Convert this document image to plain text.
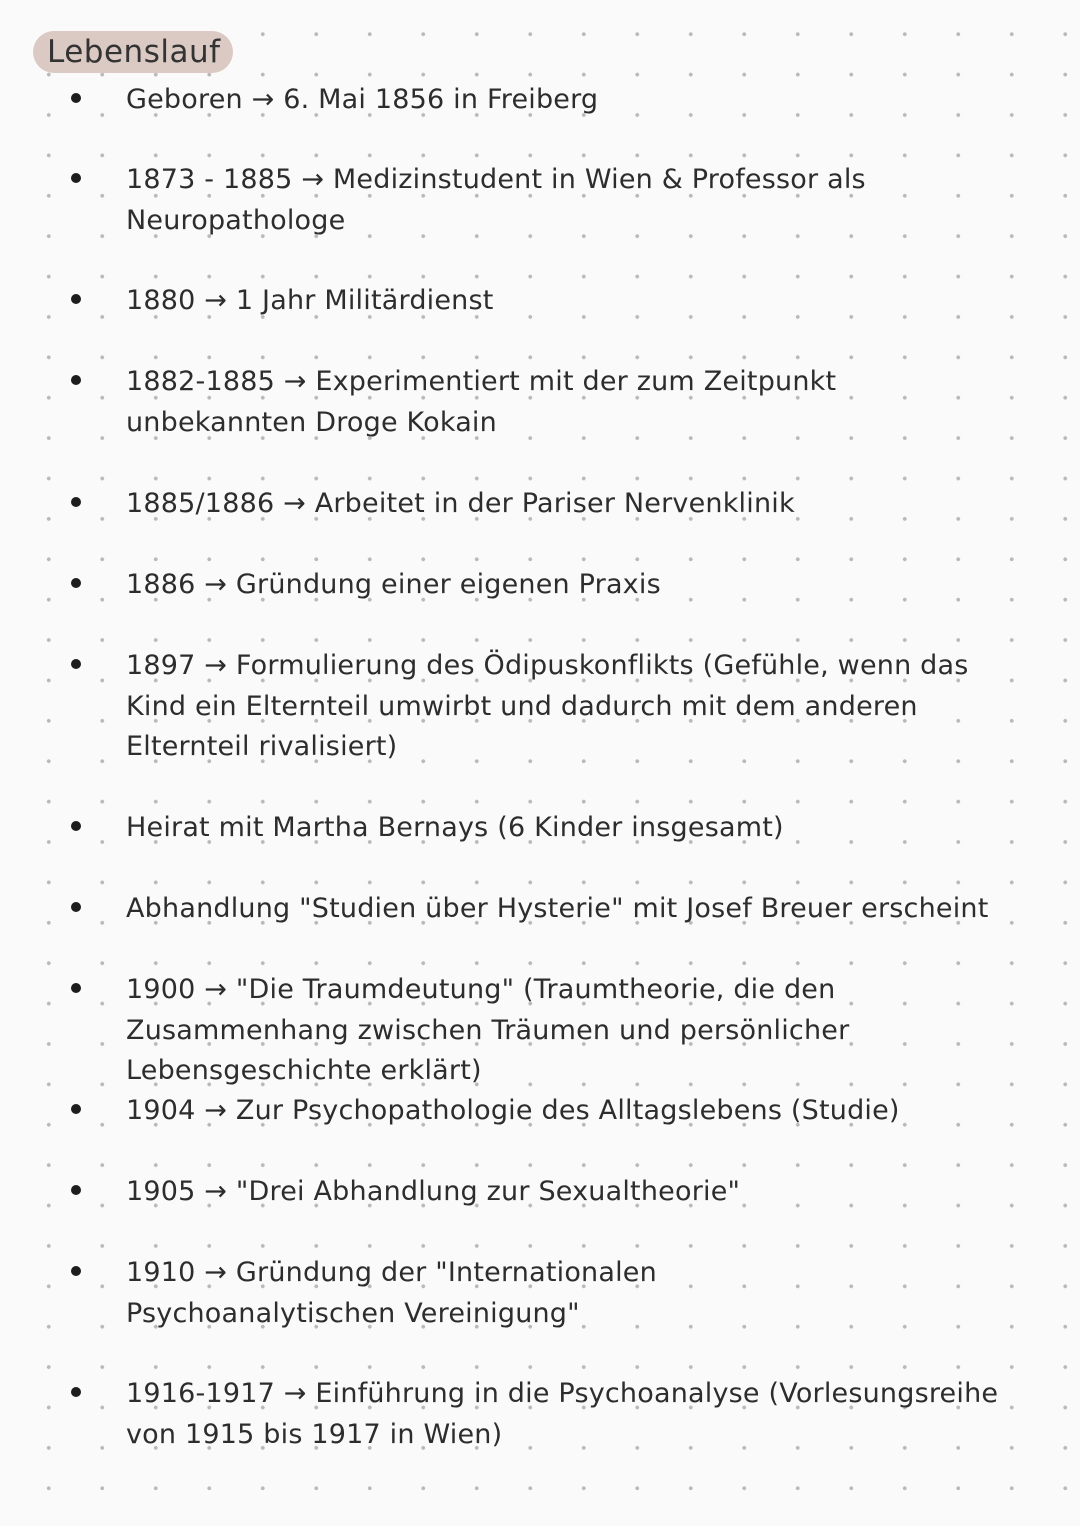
Lebenslauf
Geboren → 6. Mai 1856 in Freiberg
1873 - 1885 → Medizinstudent in Wien & Professor als Neuropathologe
1880 → 1 Jahr Militärdienst
1882-1885 → Experimentiert mit der zum Zeitpunkt unbekannten Droge Kokain
1885/1886 → Arbeitet in der Pariser Nervenklinik
1886 → Gründung einer eigenen Praxis
1897 → Formulierung des Ödipuskonflikts (Gefühle, wenn das Kind ein Elternteil umwirbt und dadurch mit dem anderen Elternteil rivalisiert)
Heirat mit Martha Bernays (6 Kinder insgesamt)
Abhandlung "Studien über Hysterie" mit Josef Breuer erscheint
1900 → "Die Traumdeutung" (Traumtheorie, die den Zusammenhang zwischen Träumen und persönlicher Lebensgeschichte erklärt)
1904 → Zur Psychopathologie des Alltagslebens (Studie)
1905 → "Drei Abhandlung zur Sexualtheorie"
1910 → Gründung der "Internationalen Psychoanalytischen Vereinigung"
1916-1917 → Einführung in die Psychoanalyse (Vorlesungsreihe von 1915 bis 1917 in Wien)
